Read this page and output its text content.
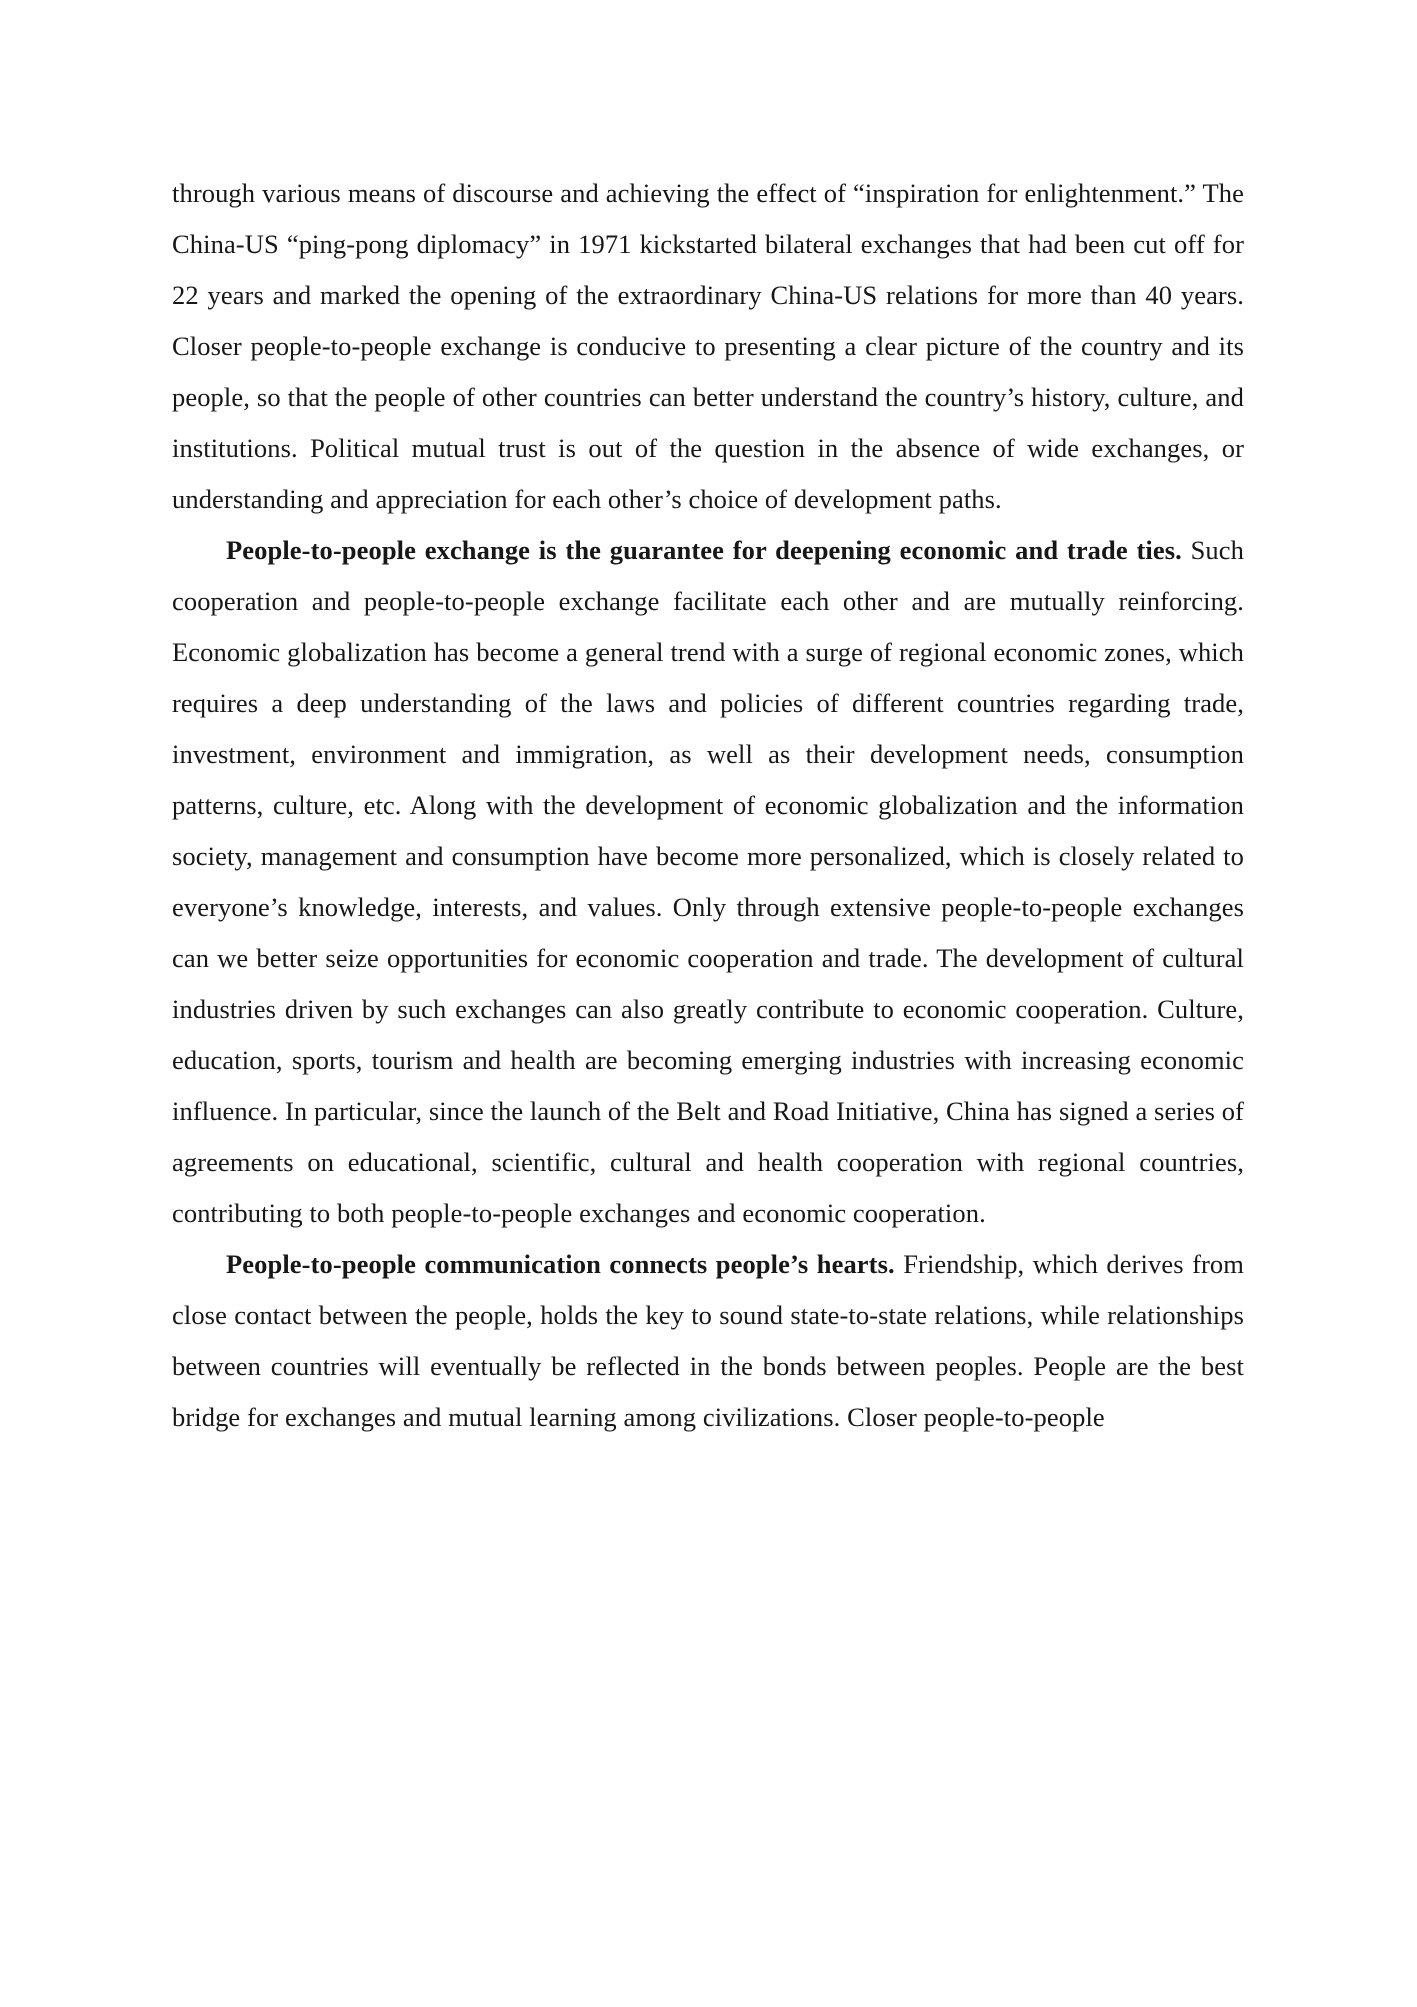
through various means of discourse and achieving the effect of “inspiration for enlightenment.” The China-US “ping-pong diplomacy” in 1971 kickstarted bilateral exchanges that had been cut off for 22 years and marked the opening of the extraordinary China-US relations for more than 40 years. Closer people-to-people exchange is conducive to presenting a clear picture of the country and its people, so that the people of other countries can better understand the country’s history, culture, and institutions. Political mutual trust is out of the question in the absence of wide exchanges, or understanding and appreciation for each other’s choice of development paths.

People-to-people exchange is the guarantee for deepening economic and trade ties. Such cooperation and people-to-people exchange facilitate each other and are mutually reinforcing. Economic globalization has become a general trend with a surge of regional economic zones, which requires a deep understanding of the laws and policies of different countries regarding trade, investment, environment and immigration, as well as their development needs, consumption patterns, culture, etc. Along with the development of economic globalization and the information society, management and consumption have become more personalized, which is closely related to everyone’s knowledge, interests, and values. Only through extensive people-to-people exchanges can we better seize opportunities for economic cooperation and trade. The development of cultural industries driven by such exchanges can also greatly contribute to economic cooperation. Culture, education, sports, tourism and health are becoming emerging industries with increasing economic influence. In particular, since the launch of the Belt and Road Initiative, China has signed a series of agreements on educational, scientific, cultural and health cooperation with regional countries, contributing to both people-to-people exchanges and economic cooperation.

People-to-people communication connects people’s hearts. Friendship, which derives from close contact between the people, holds the key to sound state-to-state relations, while relationships between countries will eventually be reflected in the bonds between peoples. People are the best bridge for exchanges and mutual learning among civilizations. Closer people-to-people
